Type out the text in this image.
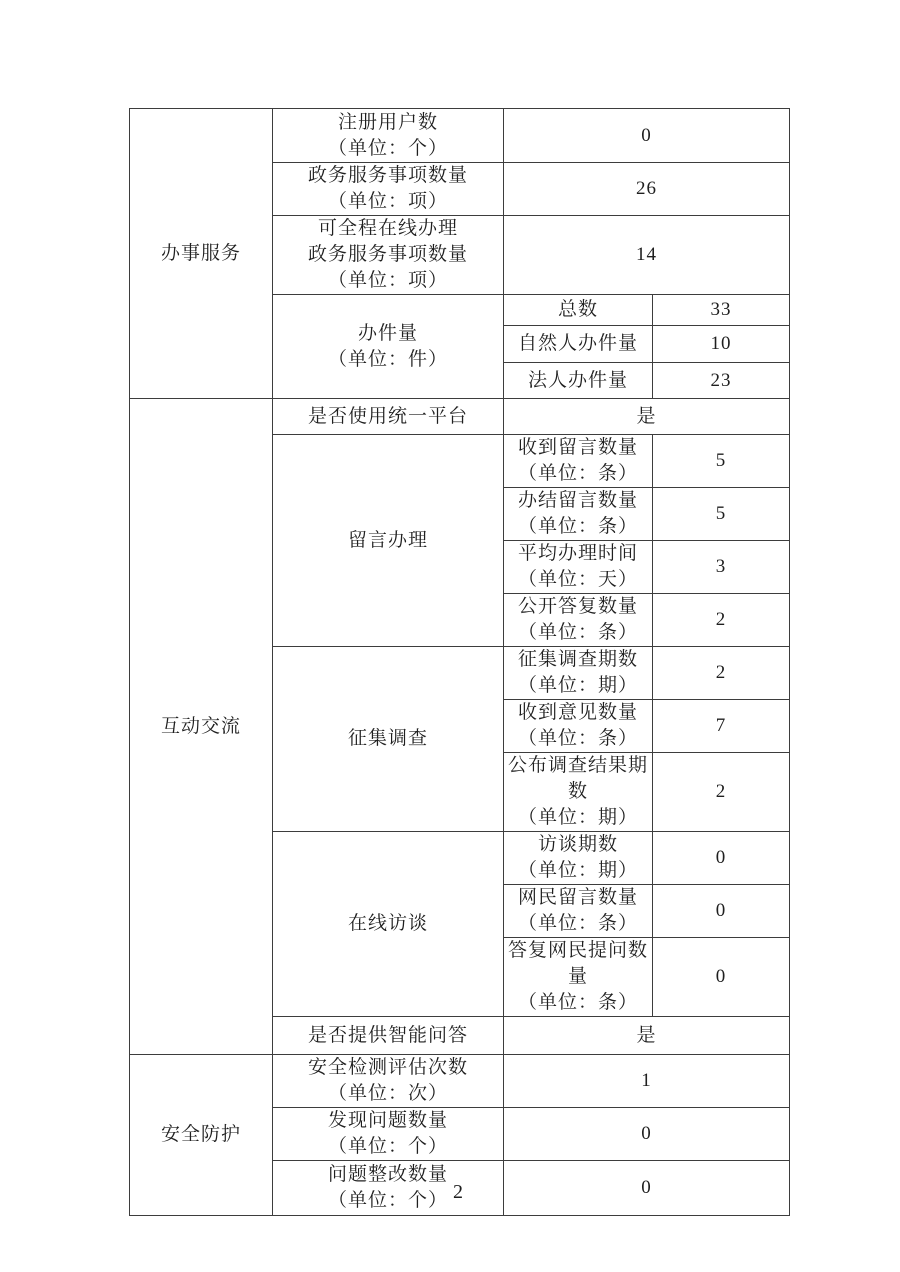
办事服务	注册用户数
（单位：个）	0	

	政务服务事项数量
（单位：项）	26	

	可全程在线办理
政务服务事项数量
（单位：项）	14	

	办件量
（单位：件）	总数	33

		自然人办件量	10

		法人办件量	23

互动交流	是否使用统一平台	是	

	留言办理	收到留言数量
（单位：条）	5

		办结留言数量
（单位：条）	5

		平均办理时间
（单位：天）	3

		公开答复数量
（单位：条）	2

	征集调查	征集调查期数
（单位：期）	2

		收到意见数量
（单位：条）	7

		公布调查结果期数
（单位：期）	2

	在线访谈	访谈期数
（单位：期）	0

		网民留言数量
（单位：条）	0

		答复网民提问数量
（单位：条）	0

	是否提供智能问答	是	

安全防护	安全检测评估次数
（单位：次）	1	

	发现问题数量
（单位：个）	0	

	问题整改数量
（单位：个）	0	
2
